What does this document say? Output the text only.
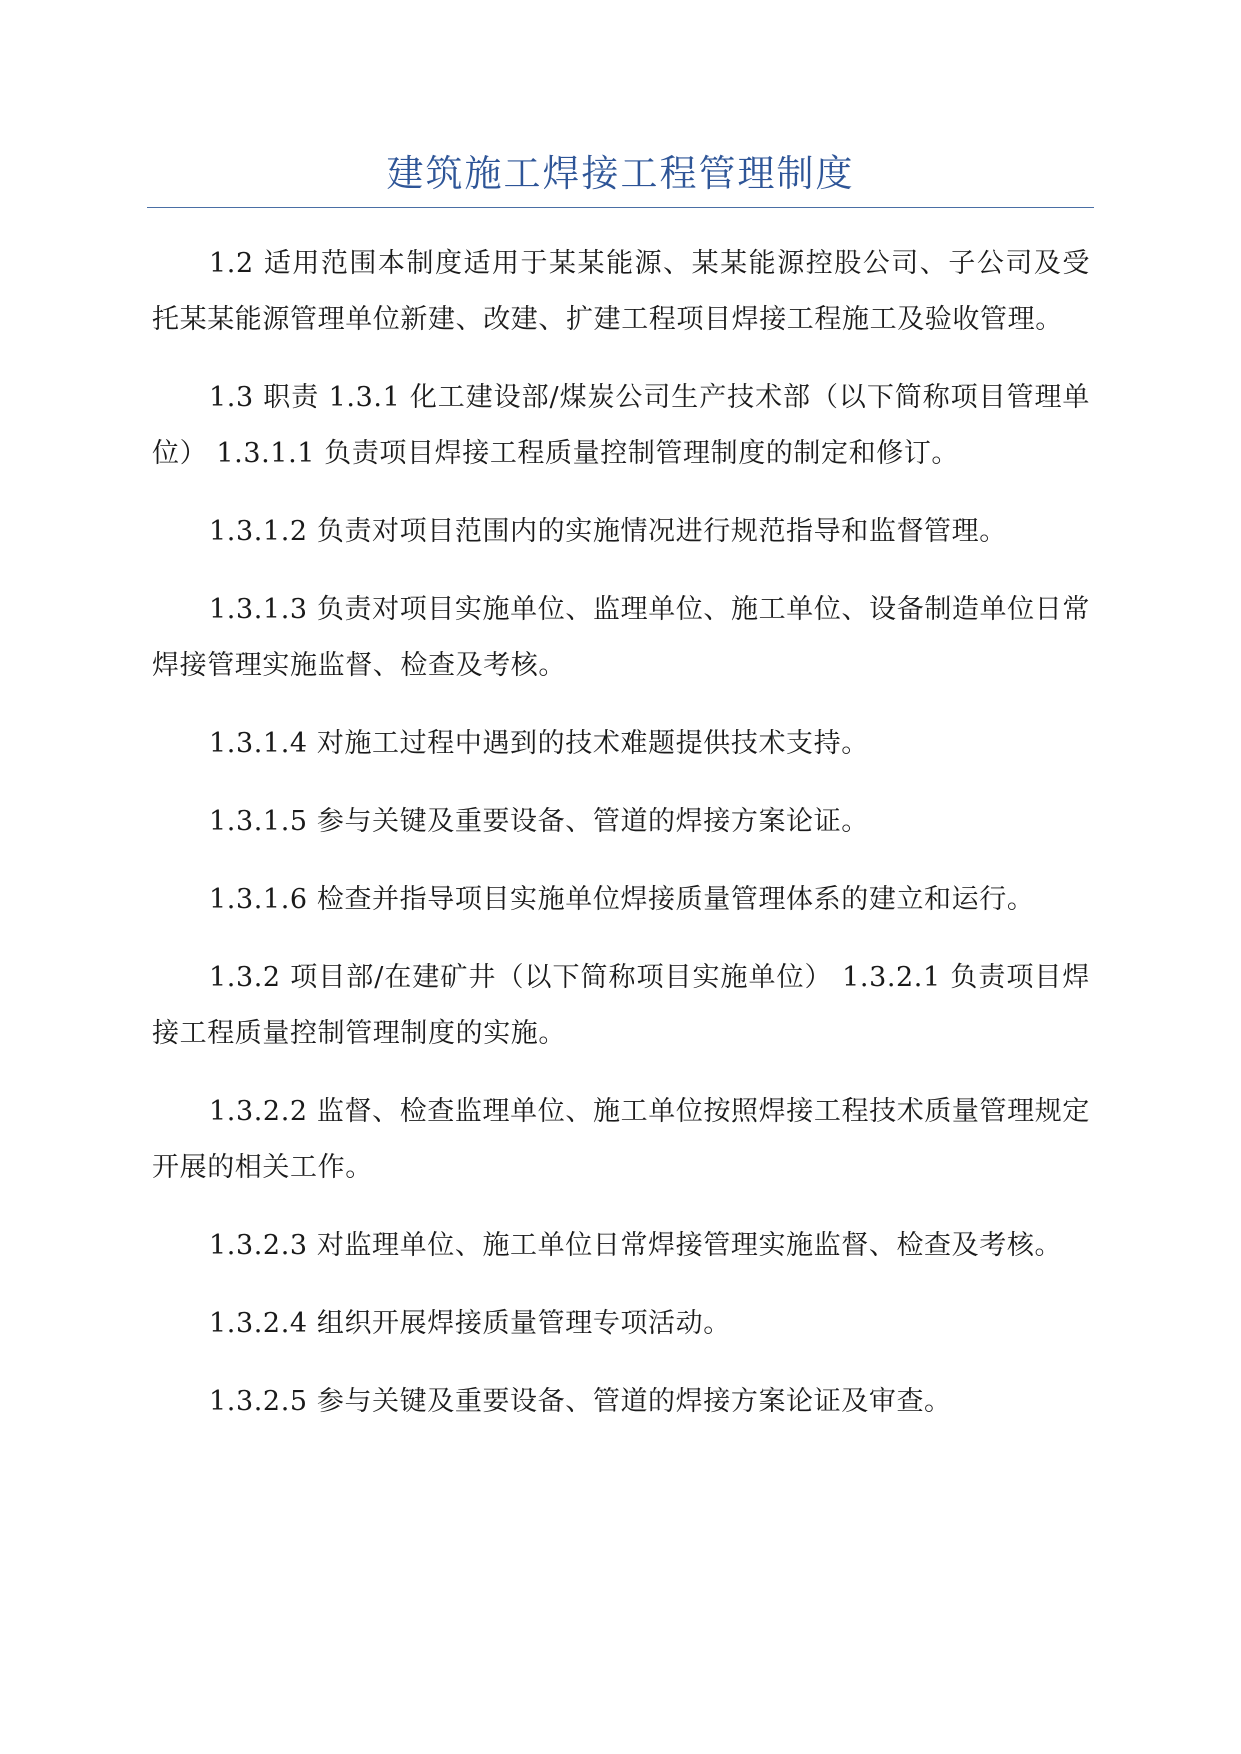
建筑施工焊接工程管理制度

1.2 适用范围本制度适用于某某能源、某某能源控股公司、子公司及受托某某能源管理单位新建、改建、扩建工程项目焊接工程施工及验收管理。

1.3 职责 1.3.1 化工建设部/煤炭公司生产技术部（以下简称项目管理单位） 1.3.1.1 负责项目焊接工程质量控制管理制度的制定和修订。

1.3.1.2 负责对项目范围内的实施情况进行规范指导和监督管理。

1.3.1.3 负责对项目实施单位、监理单位、施工单位、设备制造单位日常焊接管理实施监督、检查及考核。

1.3.1.4 对施工过程中遇到的技术难题提供技术支持。

1.3.1.5 参与关键及重要设备、管道的焊接方案论证。

1.3.1.6 检查并指导项目实施单位焊接质量管理体系的建立和运行。

1.3.2 项目部/在建矿井（以下简称项目实施单位） 1.3.2.1 负责项目焊接工程质量控制管理制度的实施。

1.3.2.2 监督、检查监理单位、施工单位按照焊接工程技术质量管理规定开展的相关工作。

1.3.2.3 对监理单位、施工单位日常焊接管理实施监督、检查及考核。

1.3.2.4 组织开展焊接质量管理专项活动。

1.3.2.5 参与关键及重要设备、管道的焊接方案论证及审查。
